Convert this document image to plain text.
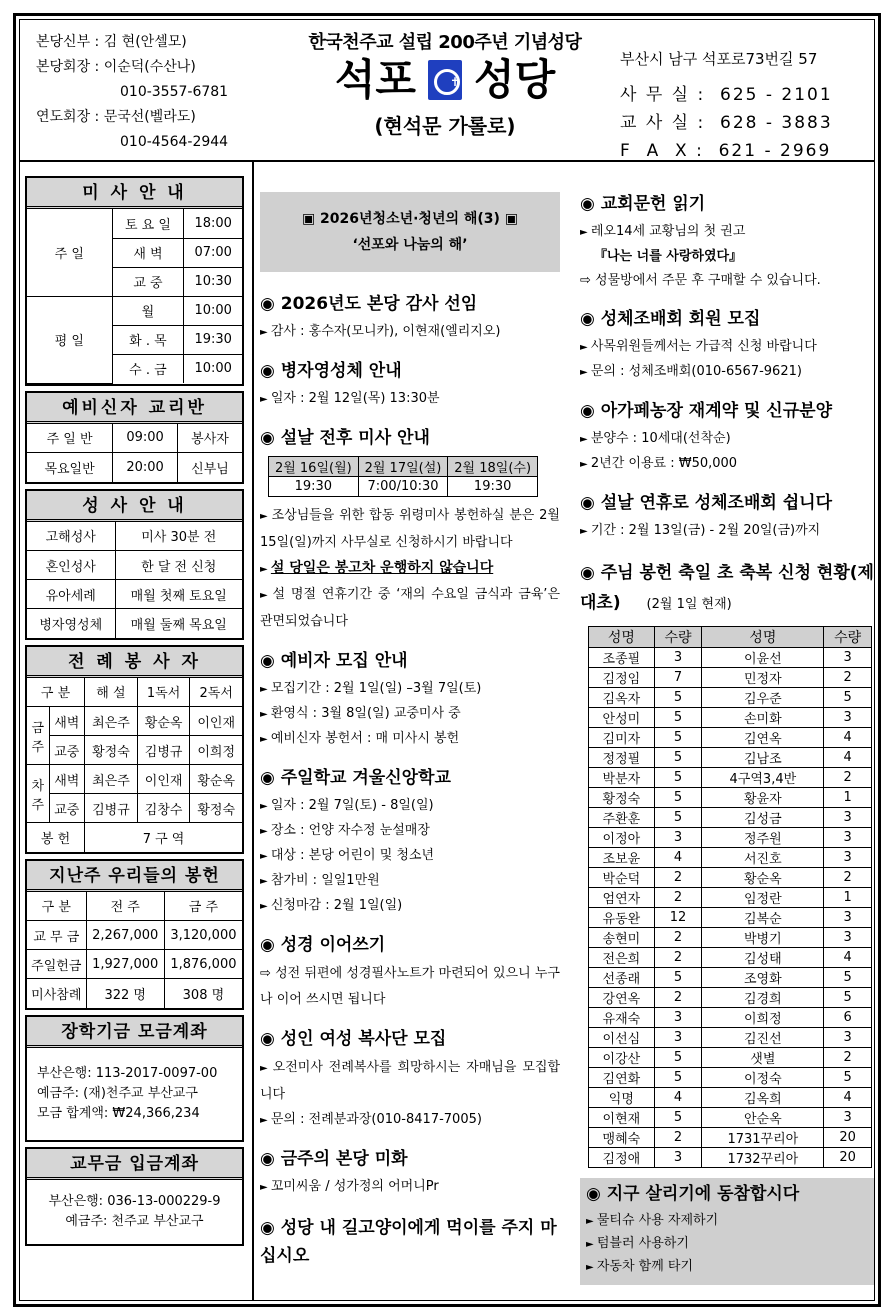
본당신부 : 김 현(안셀모)
본당회장 : 이순덕(수산나)
010-3557-6781
연도회장 : 문국선(벨라도)
010-4564-2944
한국천주교 설립 200주년 기념성당
석포 ✝ 성당
(현석문 가롤로)
부산시 남구 석포로73번길 57
사 무 실 :  625 - 2101
교 사 실 :  628 - 3883
F  A  X :  621 - 2969
미 사 안 내
주 일	토 요 일	18:00
	새 벽	07:00
	교 중	10:30
평 일	월	10:00
	화 . 목	19:30
	수 . 금	10:00
예비신자 교리반
주 일 반	09:00	봉사자
목요일반	20:00	신부님
성 사 안 내
고해성사	미사 30분 전
혼인성사	한 달 전 신청
유아세례	매월 첫째 토요일
병자영성체	매월 둘째 목요일
전 례 봉 사 자
구 분		해 설	1독서	2독서
금주	새벽	최은주	황순옥	이인재
	교중	황정숙	김병규	이희정
차주	새벽	최은주	이인재	황순옥
	교중	김병규	김창수	황정숙
봉 헌		7 구 역		
지난주 우리들의 봉헌
구 분	전 주	금 주
교 무 금	2,267,000	3,120,000
주일헌금	1,927,000	1,876,000
미사참례	322 명	308 명
장학기금 모금계좌
부산은행: 113-2017-0097-00
예금주: (재)천주교 부산교구
모금 합계액: ₩24,366,234
교무금 입금계좌
부산은행: 036-13-000229-9
예금주: 천주교 부산교구
▣ 2026년청소년·청년의 해(3) ▣
‘선포와 나눔의 해’
◉ 2026년도 본당 감사 선임
► 감사 : 홍수자(모니카), 이현재(엘리지오)
◉ 병자영성체 안내
► 일자 : 2월 12일(목) 13:30분
◉ 설날 전후 미사 안내
2월 16일(월)	2월 17일(설)	2월 18일(수)
19:30	7:00/10:30	19:30
► 조상님들을 위한 합동 위령미사 봉헌하실 분은 2월 15일(일)까지 사무실로 신청하시기 바랍니다
► 설 당일은 봉고차 운행하지 않습니다
► 설 명절 연휴기간 중 ‘재의 수요일 금식과 금육’은 관면되었습니다
◉ 예비자 모집 안내
► 모집기간 : 2월 1일(일) –3월 7일(토)
► 환영식 : 3월 8일(일) 교중미사 중
► 예비신자 봉헌서 : 매 미사시 봉헌
◉ 주일학교 겨울신앙학교
► 일자 : 2월 7일(토) - 8일(일)
► 장소 : 언양 자수정 눈설매장
► 대상 : 본당 어린이 및 청소년
► 참가비 : 일일1만원
► 신청마감 : 2월 1일(일)
◉ 성경 이어쓰기
⇨ 성전 뒤편에 성경필사노트가 마련되어 있으니 누구나 이어 쓰시면 됩니다
◉ 성인 여성 복사단 모집
► 오전미사 전례복사를 희망하시는 자매님을 모집합니다
► 문의 : 전례분과장(010-8417-7005)
◉ 금주의 본당 미화
► 꼬미씨움 / 성가정의 어머니Pr
◉ 성당 내 길고양이에게 먹이를 주지 마십시오
◉ 교회문헌 읽기
► 레오14세 교황님의 첫 권고
『나는 너를 사랑하였다』
⇨ 성물방에서 주문 후 구매할 수 있습니다.
◉ 성체조배회 회원 모집
► 사목위원들께서는 가급적 신청 바랍니다
► 문의 : 성체조배회(010-6567-9621)
◉ 아가페농장 재계약 및 신규분양
► 분양수 : 10세대(선착순)
► 2년간 이용료 : ₩50,000
◉ 설날 연휴로 성체조배회 쉽니다
► 기간 : 2월 13일(금) - 2월 20일(금)까지
◉ 주님 봉헌 축일 초 축복 신청 현황(제대초) (2월 1일 현재)
성명	수량	성명	수량
조종필	3	이윤선	3
김정임	7	민정자	2
김옥자	5	김우준	5
안성미	5	손미화	3
김미자	5	김연옥	4
정정필	5	김남조	4
박분자	5	4구역3,4반	2
황정숙	5	황윤자	1
주환훈	5	김성금	3
이정아	3	정주원	3
조보윤	4	서진호	3
박순덕	2	황순옥	2
엄연자	2	임정란	1
유동완	12	김복순	3
송현미	2	박병기	3
전은희	2	김성태	4
선종래	5	조영화	5
강연옥	2	김경희	5
유재숙	3	이희정	6
이선심	3	김진선	3
이강산	5	샛별	2
김연화	5	이정숙	5
익명	4	김옥희	4
이현재	5	안순옥	3
맹혜숙	2	1731꾸리아	20
김정애	3	1732꾸리아	20
◉ 지구 살리기에 동참합시다
► 물티슈 사용 자제하기
► 텀블러 사용하기
► 자동차 함께 타기
